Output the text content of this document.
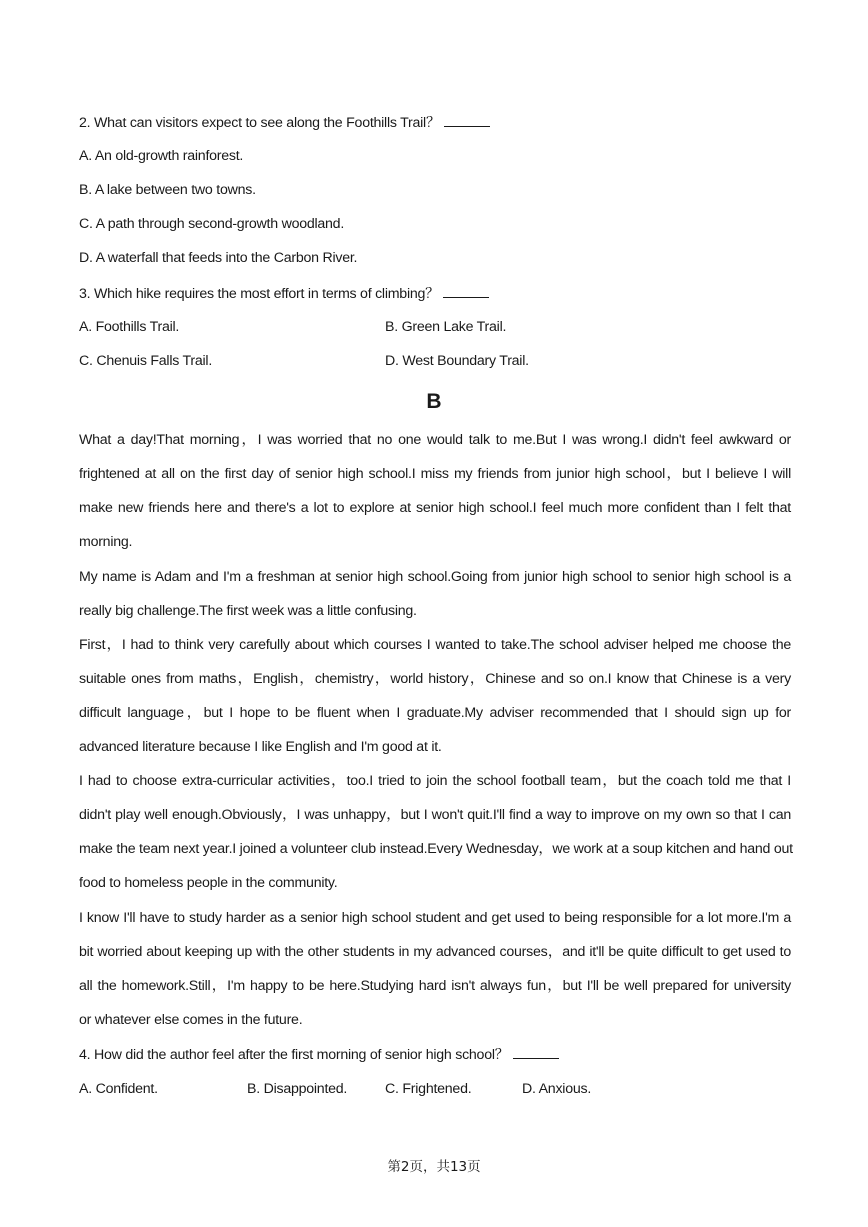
2. What can visitors expect to see along the Foothills Trail？
A. An old-growth rainforest.
B. A lake between two towns.
C. A path through second-growth woodland.
D. A waterfall that feeds into the Carbon River.
3. Which hike requires the most effort in terms of climbing？
A. Foothills Trail.	B. Green Lake Trail.
C. Chenuis Falls Trail.	D. West Boundary Trail.
B
What a day!That morning，I was worried that no one would talk to me.But I was wrong.I didn't feel awkward or
frightened at all on the first day of senior high school.I miss my friends from junior high school，but I believe I will
make new friends here and there's a lot to explore at senior high school.I feel much more confident than I felt that
morning.
My name is Adam and I'm a freshman at senior high school.Going from junior high school to senior high school is a
really big challenge.The first week was a little confusing.
First，I had to think very carefully about which courses I wanted to take.The school adviser helped me choose the
suitable ones from maths，English，chemistry，world history，Chinese and so on.I know that Chinese is a very
difficult language，but I hope to be fluent when I graduate.My adviser recommended that I should sign up for
advanced literature because I like English and I'm good at it.
I had to choose extra-curricular activities，too.I tried to join the school football team，but the coach told me that I
didn't play well enough.Obviously，I was unhappy，but I won't quit.I'll find a way to improve on my own so that I can
make the team next year.I joined a volunteer club instead.Every Wednesday，we work at a soup kitchen and hand out
food to homeless people in the community.
I know I'll have to study harder as a senior high school student and get used to being responsible for a lot more.I'm a
bit worried about keeping up with the other students in my advanced courses，and it'll be quite difficult to get used to
all the homework.Still，I'm happy to be here.Studying hard isn't always fun，but I'll be well prepared for university
or whatever else comes in the future.
4. How did the author feel after the first morning of senior high school？
A. Confident.	B. Disappointed.	C. Frightened.	D. Anxious.
第2页，共13页
